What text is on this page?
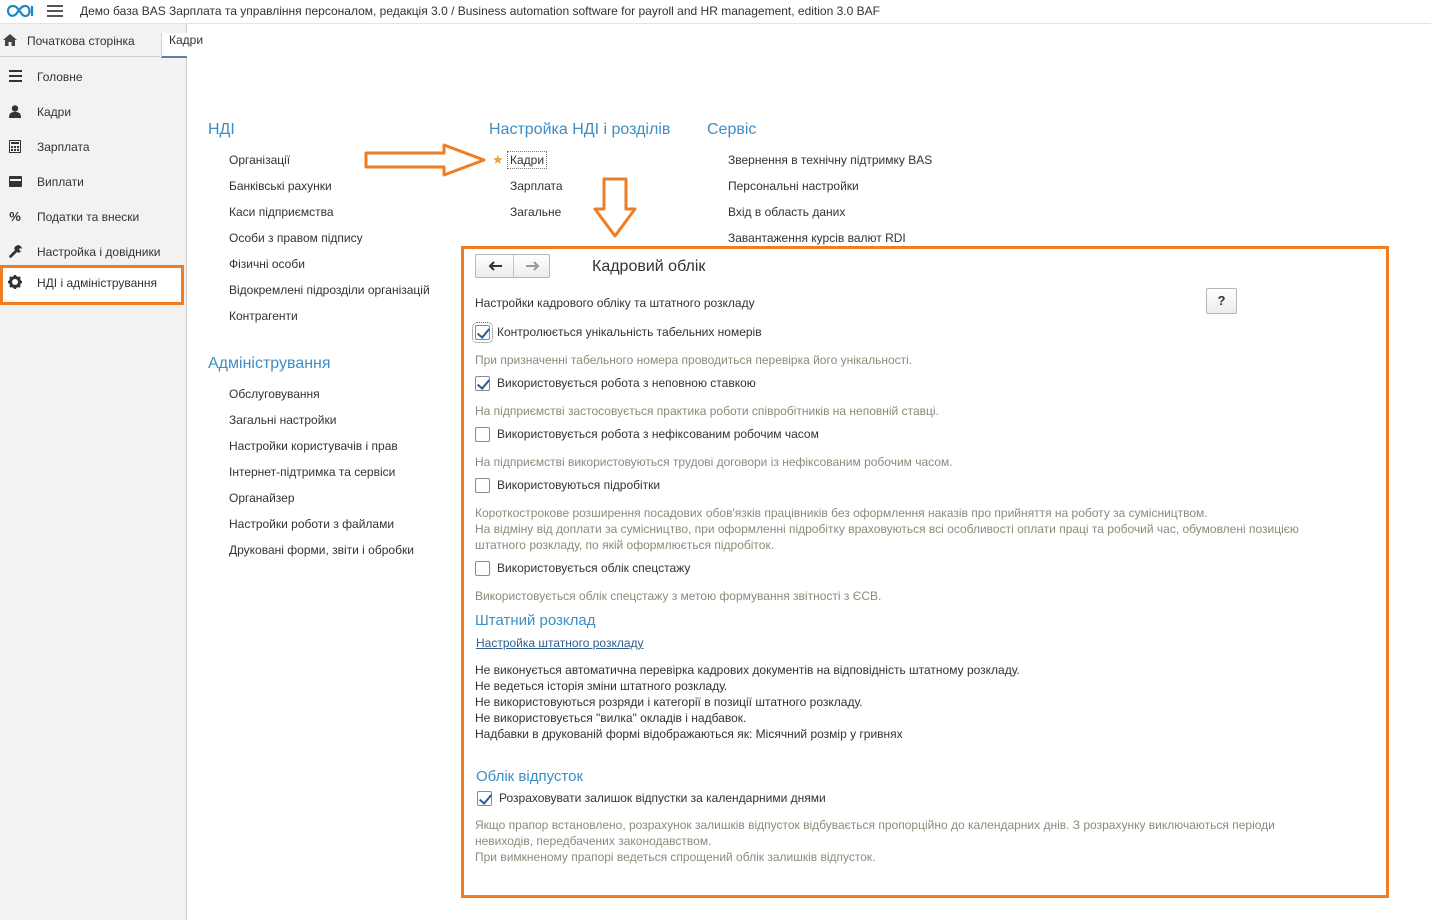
Демо база BAS Зарплата та управління персоналом, редакція 3.0 / Business automation software for payroll and HR management, edition 3.0 BAF
Початкова сторінка
Головне
Кадри
Зарплата
Виплати
% Податки та внески
Настройка і довідники
НДІ і адміністрування
Кадри
НДІ
Організації
Банківські рахунки
Каси підприємства
Особи з правом підпису
Фізичні особи
Відокремлені підрозділи організацій
Контрагенти
Адміністрування
Обслуговування
Загальні настройки
Настройки користувачів і прав
Інтернет-підтримка та сервіси
Органайзер
Настройки роботи з файлами
Друковані форми, звіти і обробки
Настройка НДІ і розділів
★ Кадри
Зарплата
Загальне
Сервіс
Звернення в технічну підтримку BAS
Персональні настройки
Вхід в область даних
Завантаження курсів валют RDI
Кадровий облік
Настройки кадрового обліку та штатного розкладу	?
Контролюється унікальність табельних номерів
При призначенні табельного номера проводиться перевірка його унікальності.
Використовується робота з неповною ставкою
На підприємстві застосовується практика роботи співробітників на неповній ставці.
Використовується робота з нефіксованим робочим часом
На підприємстві використовуються трудові договори із нефіксованим робочим часом.
Використовуються підробітки
Короткострокове розширення посадових обов'язків працівників без оформлення наказів про прийняття на роботу за сумісництвом.
На відміну від доплати за сумісництво, при оформленні підробітку враховуються всі особливості оплати праці та робочий час, обумовлені позицією
штатного розкладу, по якій оформлюється підробіток.
Використовується облік спецстажу
Використовується облік спецстажу з метою формування звітності з ЄСВ.
Штатний розклад
Настройка штатного розкладу
Не виконується автоматична перевірка кадрових документів на відповідність штатному розкладу.
Не ведеться історія зміни штатного розкладу.
Не використовуються розряди і категорії в позиції штатного розкладу.
Не використовується "вилка" окладів і надбавок.
Надбавки в друкованій формі відображаються як: Місячний розмір у гривнях
Облік відпусток
Розраховувати залишок відпустки за календарними днями
Якщо прапор встановлено, розрахунок залишків відпусток відбувається пропорційно до календарних днів. З розрахунку виключаються періоди
невиходів, передбачених законодавством.
При вимкненому прапорі ведеться спрощений облік залишків відпусток.
